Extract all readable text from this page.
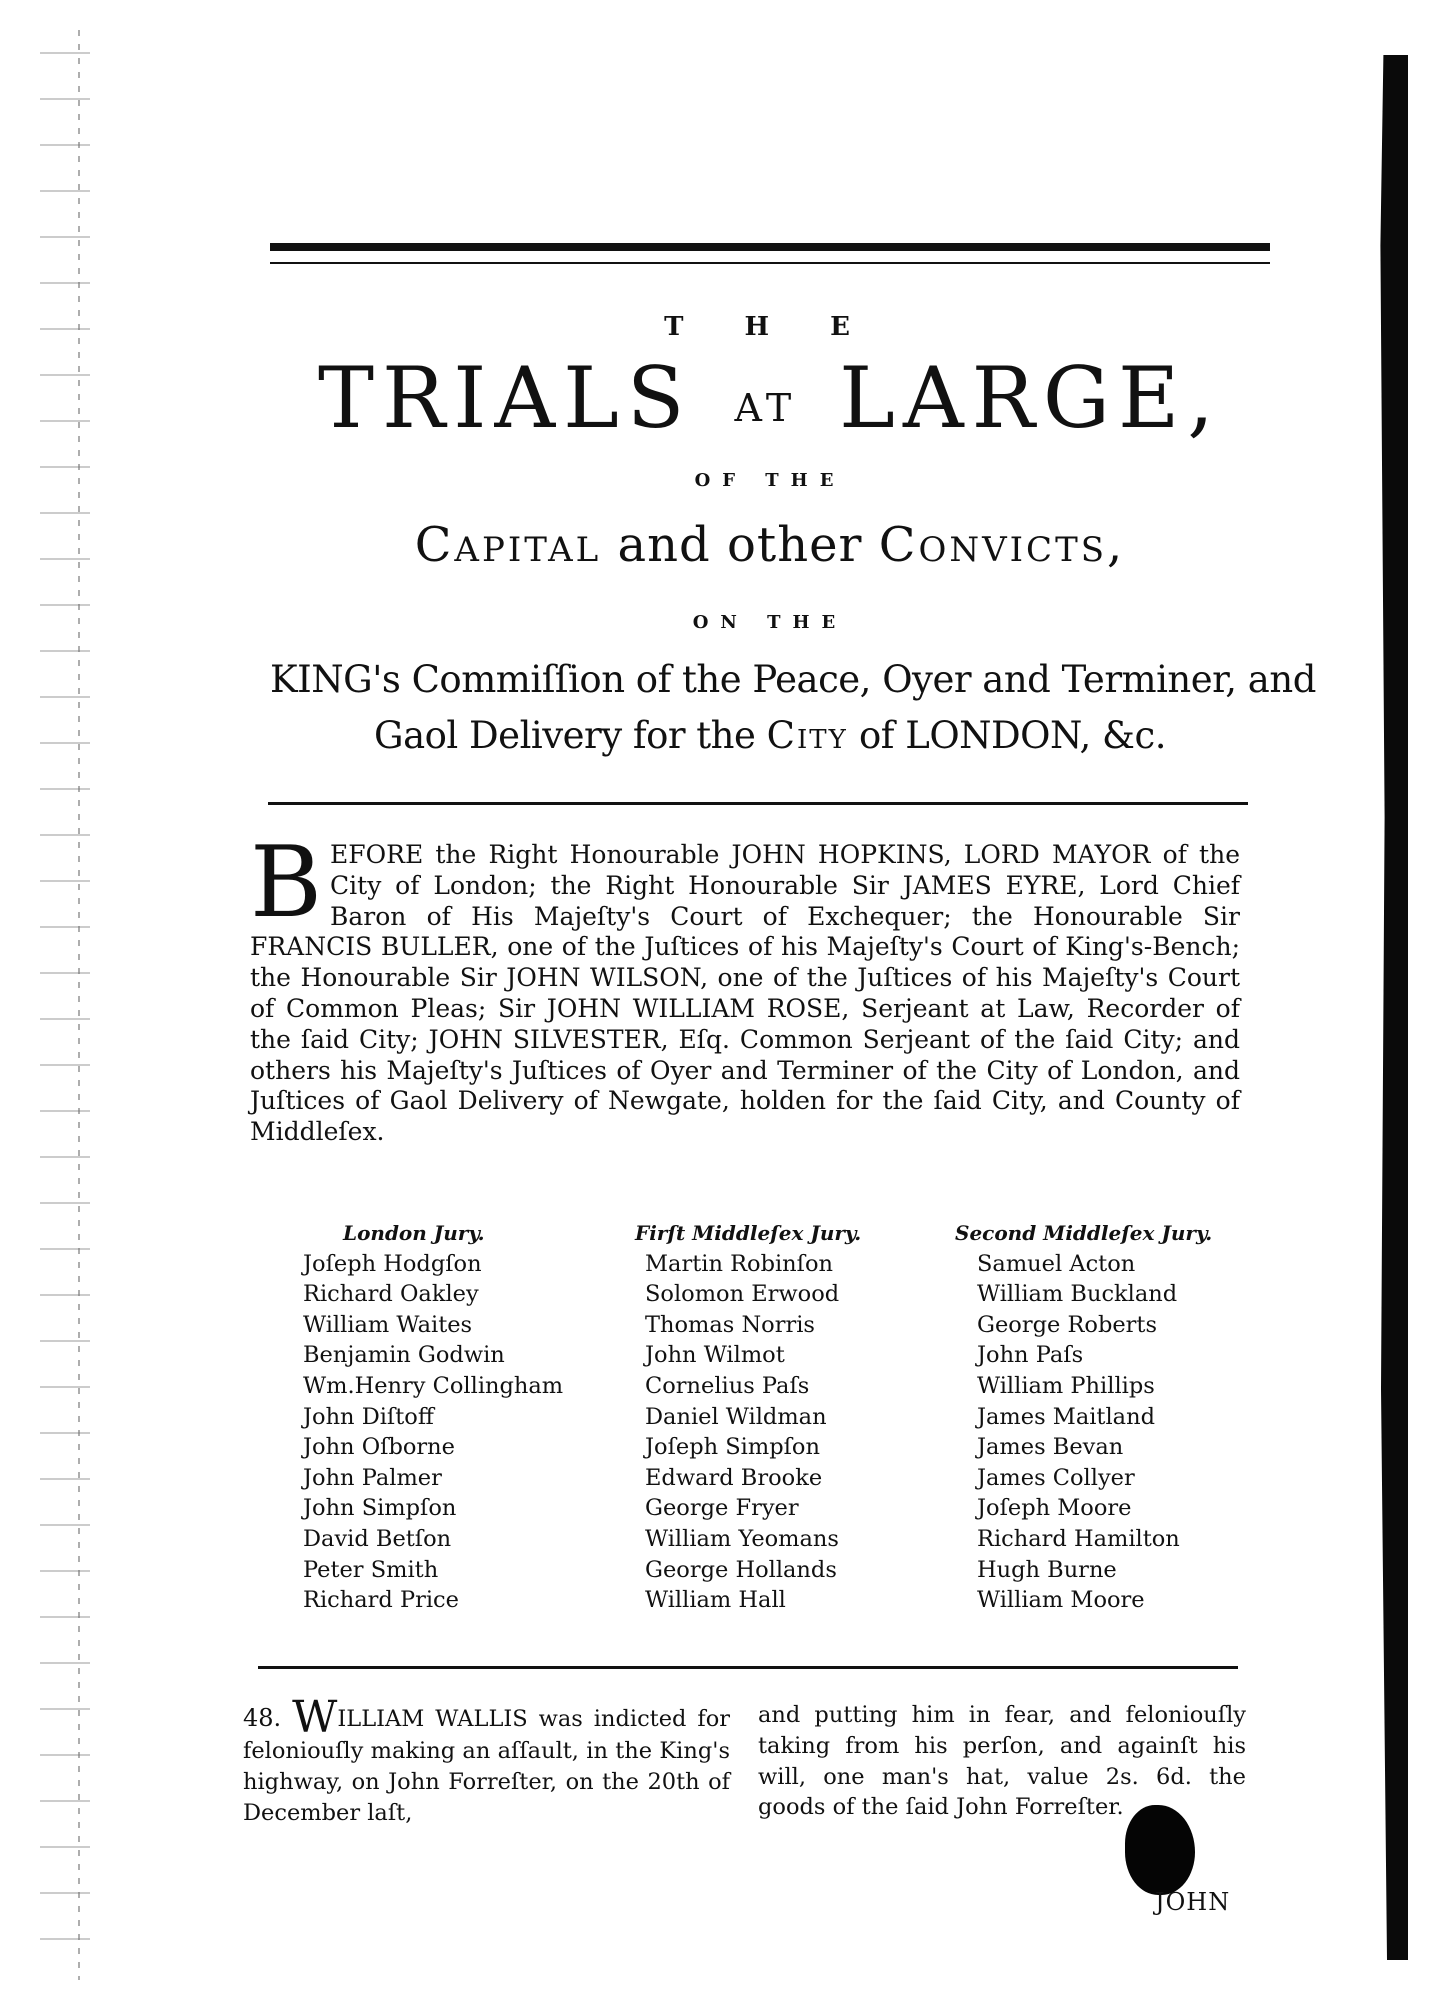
T H E
TRIALS AT LARGE,
OF THE
Capital and other Convicts,
ON THE
KING's Commiſſion of the Peace, Oyer and Terminer, and
Gaol Delivery for the City of LONDON, &c.
BEFORE the Right Honourable JOHN HOPKINS, LORD MAYOR of the City of London; the Right Honourable Sir JAMES EYRE, Lord Chief Baron of His Majeſty's Court of Exchequer; the Honourable Sir FRANCIS BULLER, one of the Juſtices of his Majeſty's Court of King's-Bench; the Honourable Sir JOHN WILSON, one of the Juſtices of his Majeſty's Court of Common Pleas; Sir JOHN WILLIAM ROSE, Serjeant at Law, Recorder of the ſaid City; JOHN SILVESTER, Eſq. Common Serjeant of the ſaid City; and others his Majeſty's Juſtices of Oyer and Terminer of the City of London, and Juſtices of Gaol Delivery of Newgate, holden for the ſaid City, and County of Middleſex.
London Jury.
Joſeph Hodgſon
Richard Oakley
William Waites
Benjamin Godwin
Wm.Henry Collingham
John Diſtoff
John Oſborne
John Palmer
John Simpſon
David Betſon
Peter Smith
Richard Price
Firſt Middleſex Jury.
Martin Robinſon
Solomon Erwood
Thomas Norris
John Wilmot
Cornelius Paſs
Daniel Wildman
Joſeph Simpſon
Edward Brooke
George Fryer
William Yeomans
George Hollands
William Hall
Second Middleſex Jury.
Samuel Acton
William Buckland
George Roberts
John Paſs
William Phillips
James Maitland
James Bevan
James Collyer
Joſeph Moore
Richard Hamilton
Hugh Burne
William Moore
48. WILLIAM WALLIS was indicted for feloniouſly making an aſſault, in the King's highway, on John Forreſter, on the 20th of December laſt,
and putting him in fear, and feloniouſly taking from his perſon, and againſt his will, one man's hat, value 2s. 6d. the goods of the ſaid John Forreſter.
JOHN
